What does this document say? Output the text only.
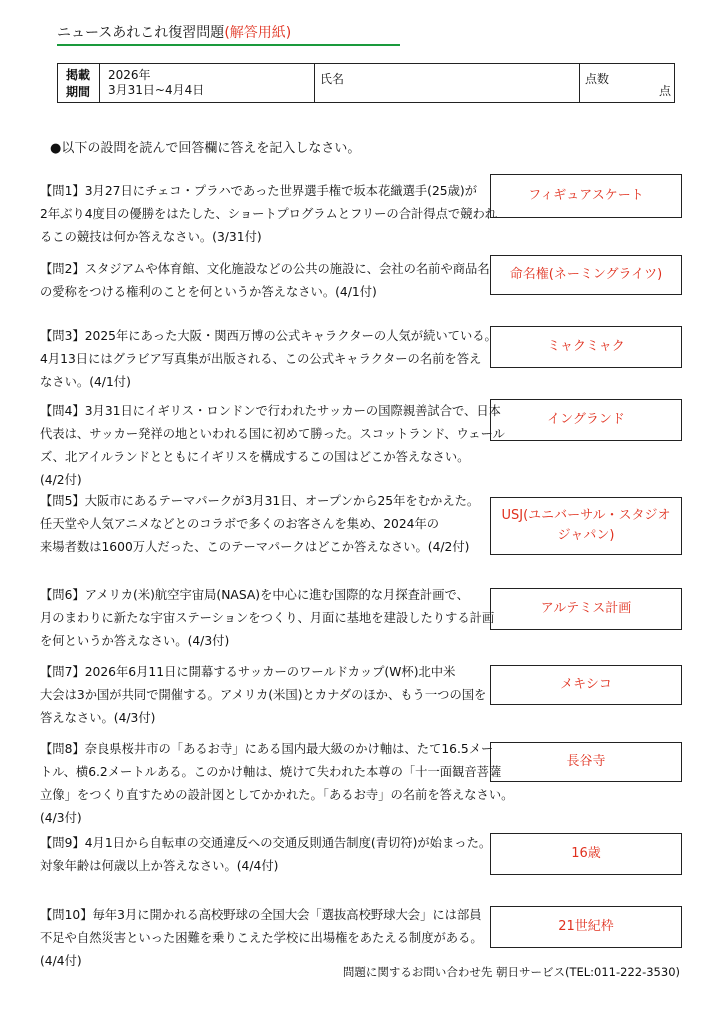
ニュースあれこれ復習問題(解答用紙)
掲載期間
2026年
3月31日~4月4日
氏名	点数
点
●以下の設問を読んで回答欄に答えを記入しなさい。
【問1】3月27日にチェコ・プラハであった世界選手権で坂本花織選手(25歳)が
2年ぶり4度目の優勝をはたした、ショートプログラムとフリーの合計得点で競われ
るこの競技は何か答えなさい。(3/31付)
フィギュアスケート
【問2】スタジアムや体育館、文化施設などの公共の施設に、会社の名前や商品名
の愛称をつける権利のことを何というか答えなさい。(4/1付)
命名権(ネーミングライツ)
【問3】2025年にあった大阪・関西万博の公式キャラクターの人気が続いている。
4月13日にはグラビア写真集が出版される、この公式キャラクターの名前を答え
なさい。(4/1付)
ミャクミャク
【問4】3月31日にイギリス・ロンドンで行われたサッカーの国際親善試合で、日本
代表は、サッカー発祥の地といわれる国に初めて勝った。スコットランド、ウェール
ズ、北アイルランドとともにイギリスを構成するこの国はどこか答えなさい。
(4/2付)
イングランド
【問5】大阪市にあるテーマパークが3月31日、オープンから25年をむかえた。
任天堂や人気アニメなどとのコラボで多くのお客さんを集め、2024年の
来場者数は1600万人だった、このテーマパークはどこか答えなさい。(4/2付)
USJ(ユニバーサル・スタジオジャパン)
【問6】アメリカ(米)航空宇宙局(NASA)を中心に進む国際的な月探査計画で、
月のまわりに新たな宇宙ステーションをつくり、月面に基地を建設したりする計画
を何というか答えなさい。(4/3付)
アルテミス計画
【問7】2026年6月11日に開幕するサッカーのワールドカップ(W杯)北中米
大会は3か国が共同で開催する。アメリカ(米国)とカナダのほか、もう一つの国を
答えなさい。(4/3付)
メキシコ
【問8】奈良県桜井市の「あるお寺」にある国内最大級のかけ軸は、たて16.5メー
トル、横6.2メートルある。このかけ軸は、焼けて失われた本尊の「十一面観音菩薩
立像」をつくり直すための設計図としてかかれた。「あるお寺」の名前を答えなさい。
(4/3付)
長谷寺
【問9】4月1日から自転車の交通違反への交通反則通告制度(青切符)が始まった。
対象年齢は何歳以上か答えなさい。(4/4付)
16歳
【問10】毎年3月に開かれる高校野球の全国大会「選抜高校野球大会」には部員
不足や自然災害といった困難を乗りこえた学校に出場権をあたえる制度がある。
(4/4付)
21世紀枠
問題に関するお問い合わせ先 朝日サービス(TEL:011-222-3530)
